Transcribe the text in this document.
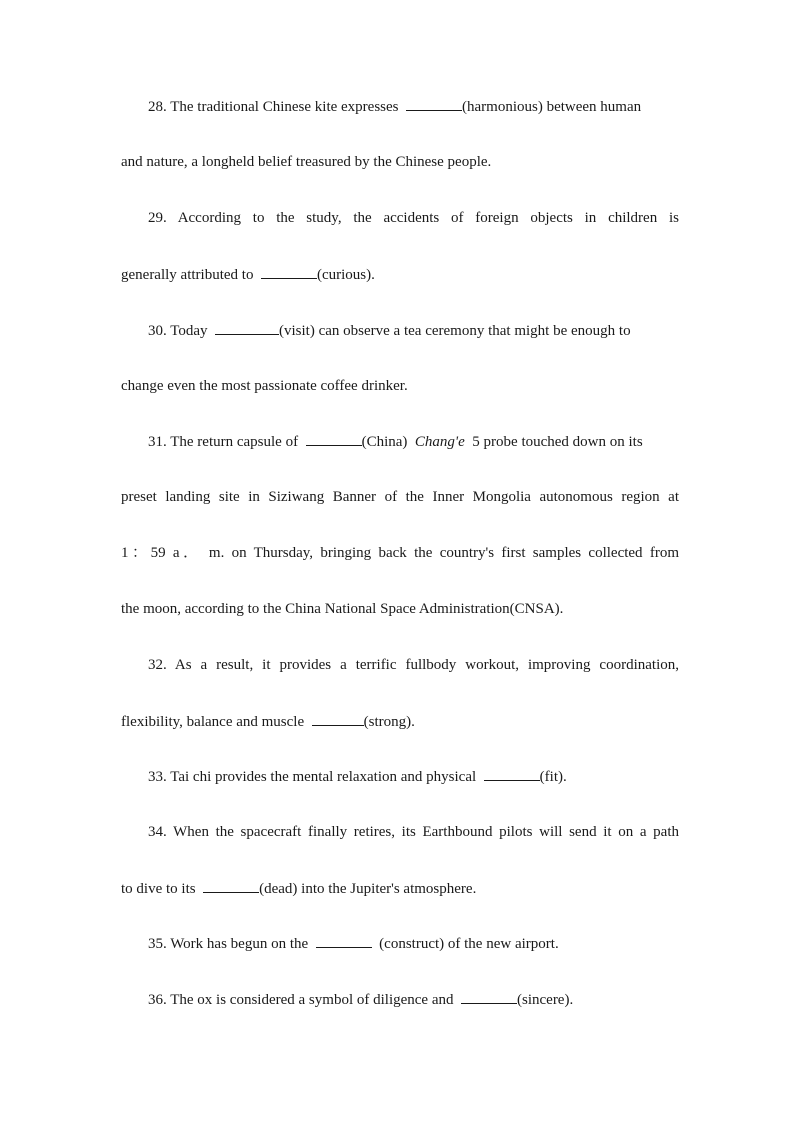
28. The traditional Chinese kite expresses	(harmonious) between human
and nature, a longheld belief treasured by the Chinese people.
29. According to the study, the accidents of foreign objects in children is
generally attributed to	(curious).
30. Today	(visit) can observe a tea ceremony that might be enough to
change even the most passionate coffee drinker.
31. The return capsule of	(China) Chang'e 5 probe touched down on its
preset landing site in Siziwang Banner of the Inner Mongolia autonomous region at
1：59 a． m. on Thursday, bringing back the country's first samples collected from
the moon, according to the China National Space Administration(CNSA).
32. As a result, it provides a terrific fullbody workout, improving coordination,
flexibility, balance and muscle	(strong).
33. Tai chi provides the mental relaxation and physical	(fit).
34. When the spacecraft finally retires, its Earthbound pilots will send it on a path
to dive to its	(dead) into the Jupiter's atmosphere.
35. Work has begun on the	(construct) of the new airport.
36. The ox is considered a symbol of diligence and	(sincere).
